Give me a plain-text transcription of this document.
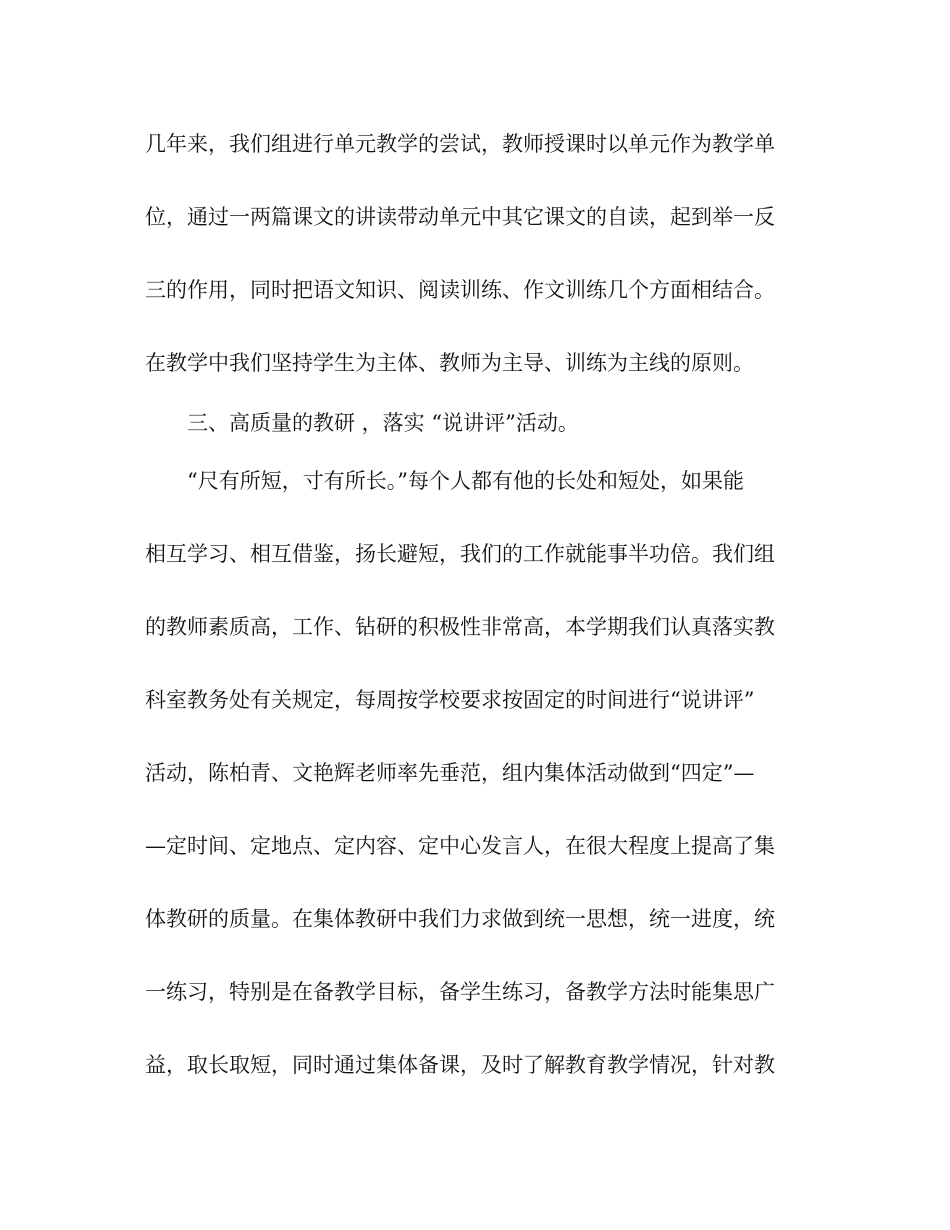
几年来，我们组进行单元教学的尝试，教师授课时以单元作为教学单
位，通过一两篇课文的讲读带动单元中其它课文的自读，起到举一反
三的作用，同时把语文知识、阅读训练、作文训练几个方面相结合。
在教学中我们坚持学生为主体、教师为主导、训练为主线的原则。
三、高质量的教研 ，落实 “说讲评”活动。
“尺有所短，寸有所长。”每个人都有他的长处和短处，如果能
相互学习、相互借鉴，扬长避短，我们的工作就能事半功倍。我们组
的教师素质高，工作、钻研的积极性非常高，本学期我们认真落实教
科室教务处有关规定，每周按学校要求按固定的时间进行“说讲评”
活动，陈柏青、文艳辉老师率先垂范，组内集体活动做到“四定”—
—定时间、定地点、定内容、定中心发言人，在很大程度上提高了集
体教研的质量。在集体教研中我们力求做到统一思想，统一进度，统
一练习，特别是在备教学目标，备学生练习，备教学方法时能集思广
益，取长取短，同时通过集体备课，及时了解教育教学情况，针对教
